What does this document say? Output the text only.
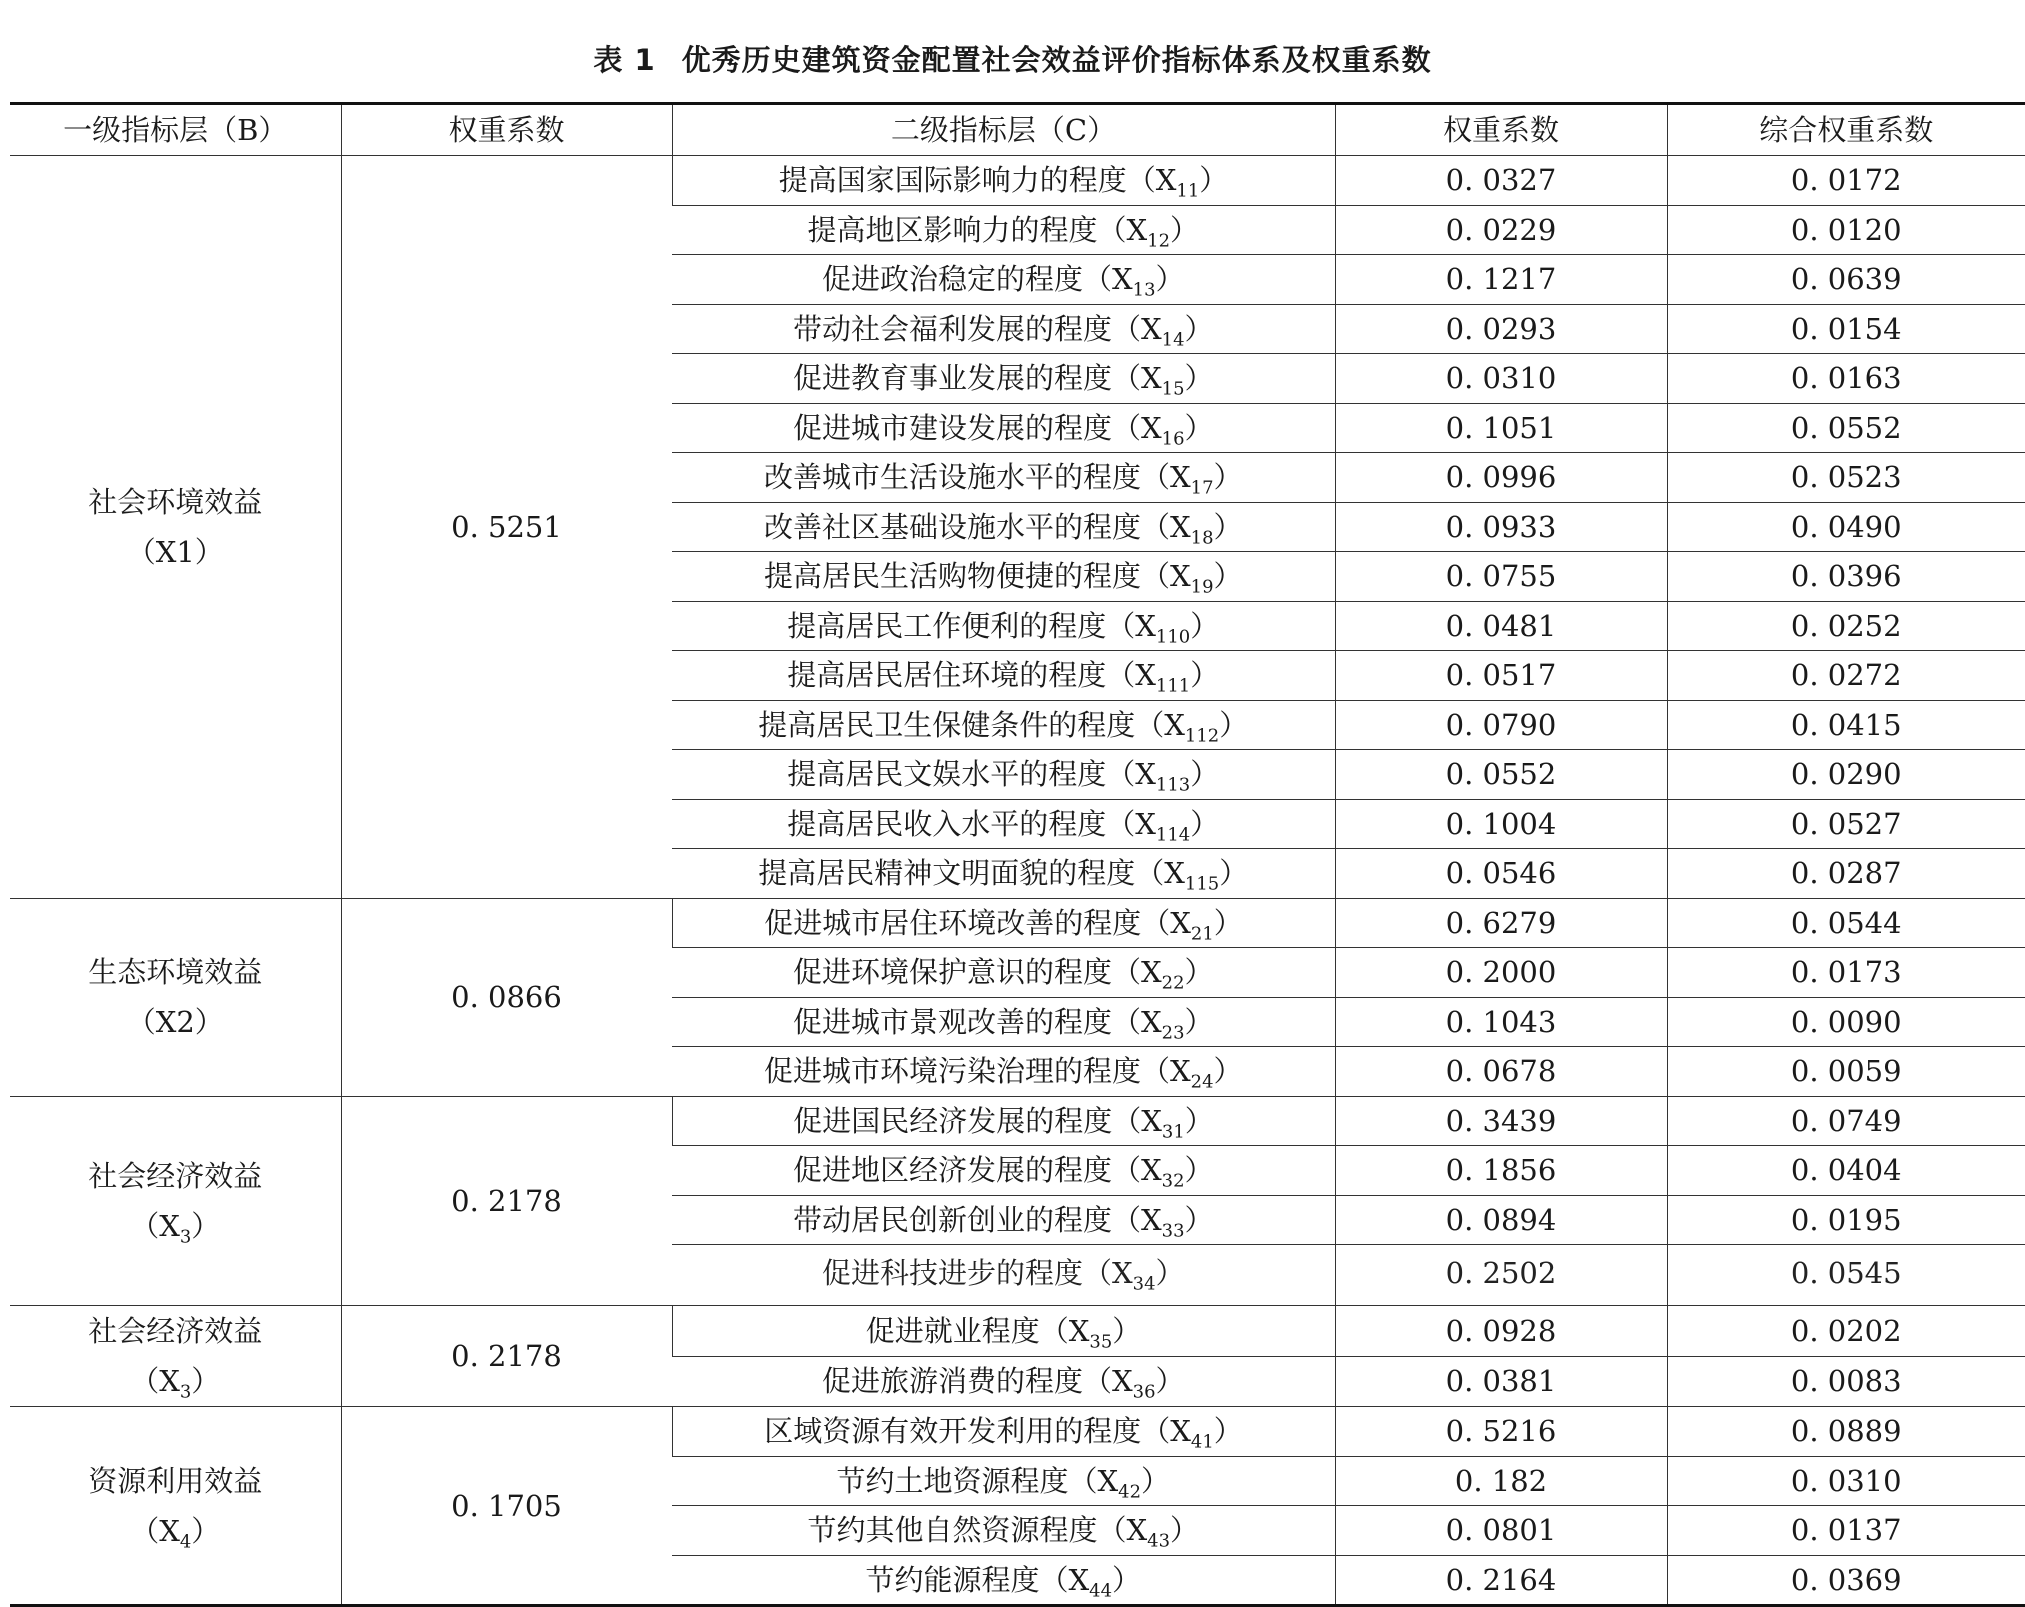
表 1 优秀历史建筑资金配置社会效益评价指标体系及权重系数
一级指标层（B）	权重系数	二级指标层（C）	权重系数	综合权重系数

社会环境效益
（X1）	0. 5251	提高国家国际影响力的程度$(X_{11})$	0. 0327	0. 0172
		提高地区影响力的程度$(X_{12})$	0. 0229	0. 0120
		促进政治稳定的程度$(X_{13})$	0. 1217	0. 0639
		带动社会福利发展的程度$(X_{14})$	0. 0293	0. 0154
		促进教育事业发展的程度$(X_{15})$	0. 0310	0. 0163
		促进城市建设发展的程度$(X_{16})$	0. 1051	0. 0552
		改善城市生活设施水平的程度$(X_{17})$	0. 0996	0. 0523
		改善社区基础设施水平的程度$(X_{18})$	0. 0933	0. 0490
		提高居民生活购物便捷的程度$(X_{19})$	0. 0755	0. 0396
		提高居民工作便利的程度$(X_{110})$	0. 0481	0. 0252
		提高居民居住环境的程度$(X_{111})$	0. 0517	0. 0272
		提高居民卫生保健条件的程度$(X_{112})$	0. 0790	0. 0415
		提高居民文娱水平的程度$(X_{113})$	0. 0552	0. 0290
		提高居民收入水平的程度$(X_{114})$	0. 1004	0. 0527
		提高居民精神文明面貌的程度$(X_{115})$	0. 0546	0. 0287

生态环境效益
（X2）	0. 0866	促进城市居住环境改善的程度$(X_{21})$	0. 6279	0. 0544
		促进环境保护意识的程度$(X_{22})$	0. 2000	0. 0173
		促进城市景观改善的程度$(X_{23})$	0. 1043	0. 0090
		促进城市环境污染治理的程度$(X_{24})$	0. 0678	0. 0059

社会经济效益
$(X_3)$	0. 2178	促进国民经济发展的程度$(X_{31})$	0. 3439	0. 0749
		促进地区经济发展的程度$(X_{32})$	0. 1856	0. 0404
		带动居民创新创业的程度$(X_{33})$	0. 0894	0. 0195
		促进科技进步的程度$(X_{34})$	0. 2502	0. 0545

社会经济效益
$(X_3)$	0. 2178	促进就业程度$(X_{35})$	0. 0928	0. 0202
		促进旅游消费的程度$(X_{36})$	0. 0381	0. 0083

资源利用效益
$(X_4)$	0. 1705	区域资源有效开发利用的程度$(X_{41})$	0. 5216	0. 0889
		节约土地资源程度$(X_{42})$	0. 182	0. 0310
		节约其他自然资源程度$(X_{43})$	0. 0801	0. 0137
		节约能源程度$(X_{44})$	0. 2164	0. 0369
